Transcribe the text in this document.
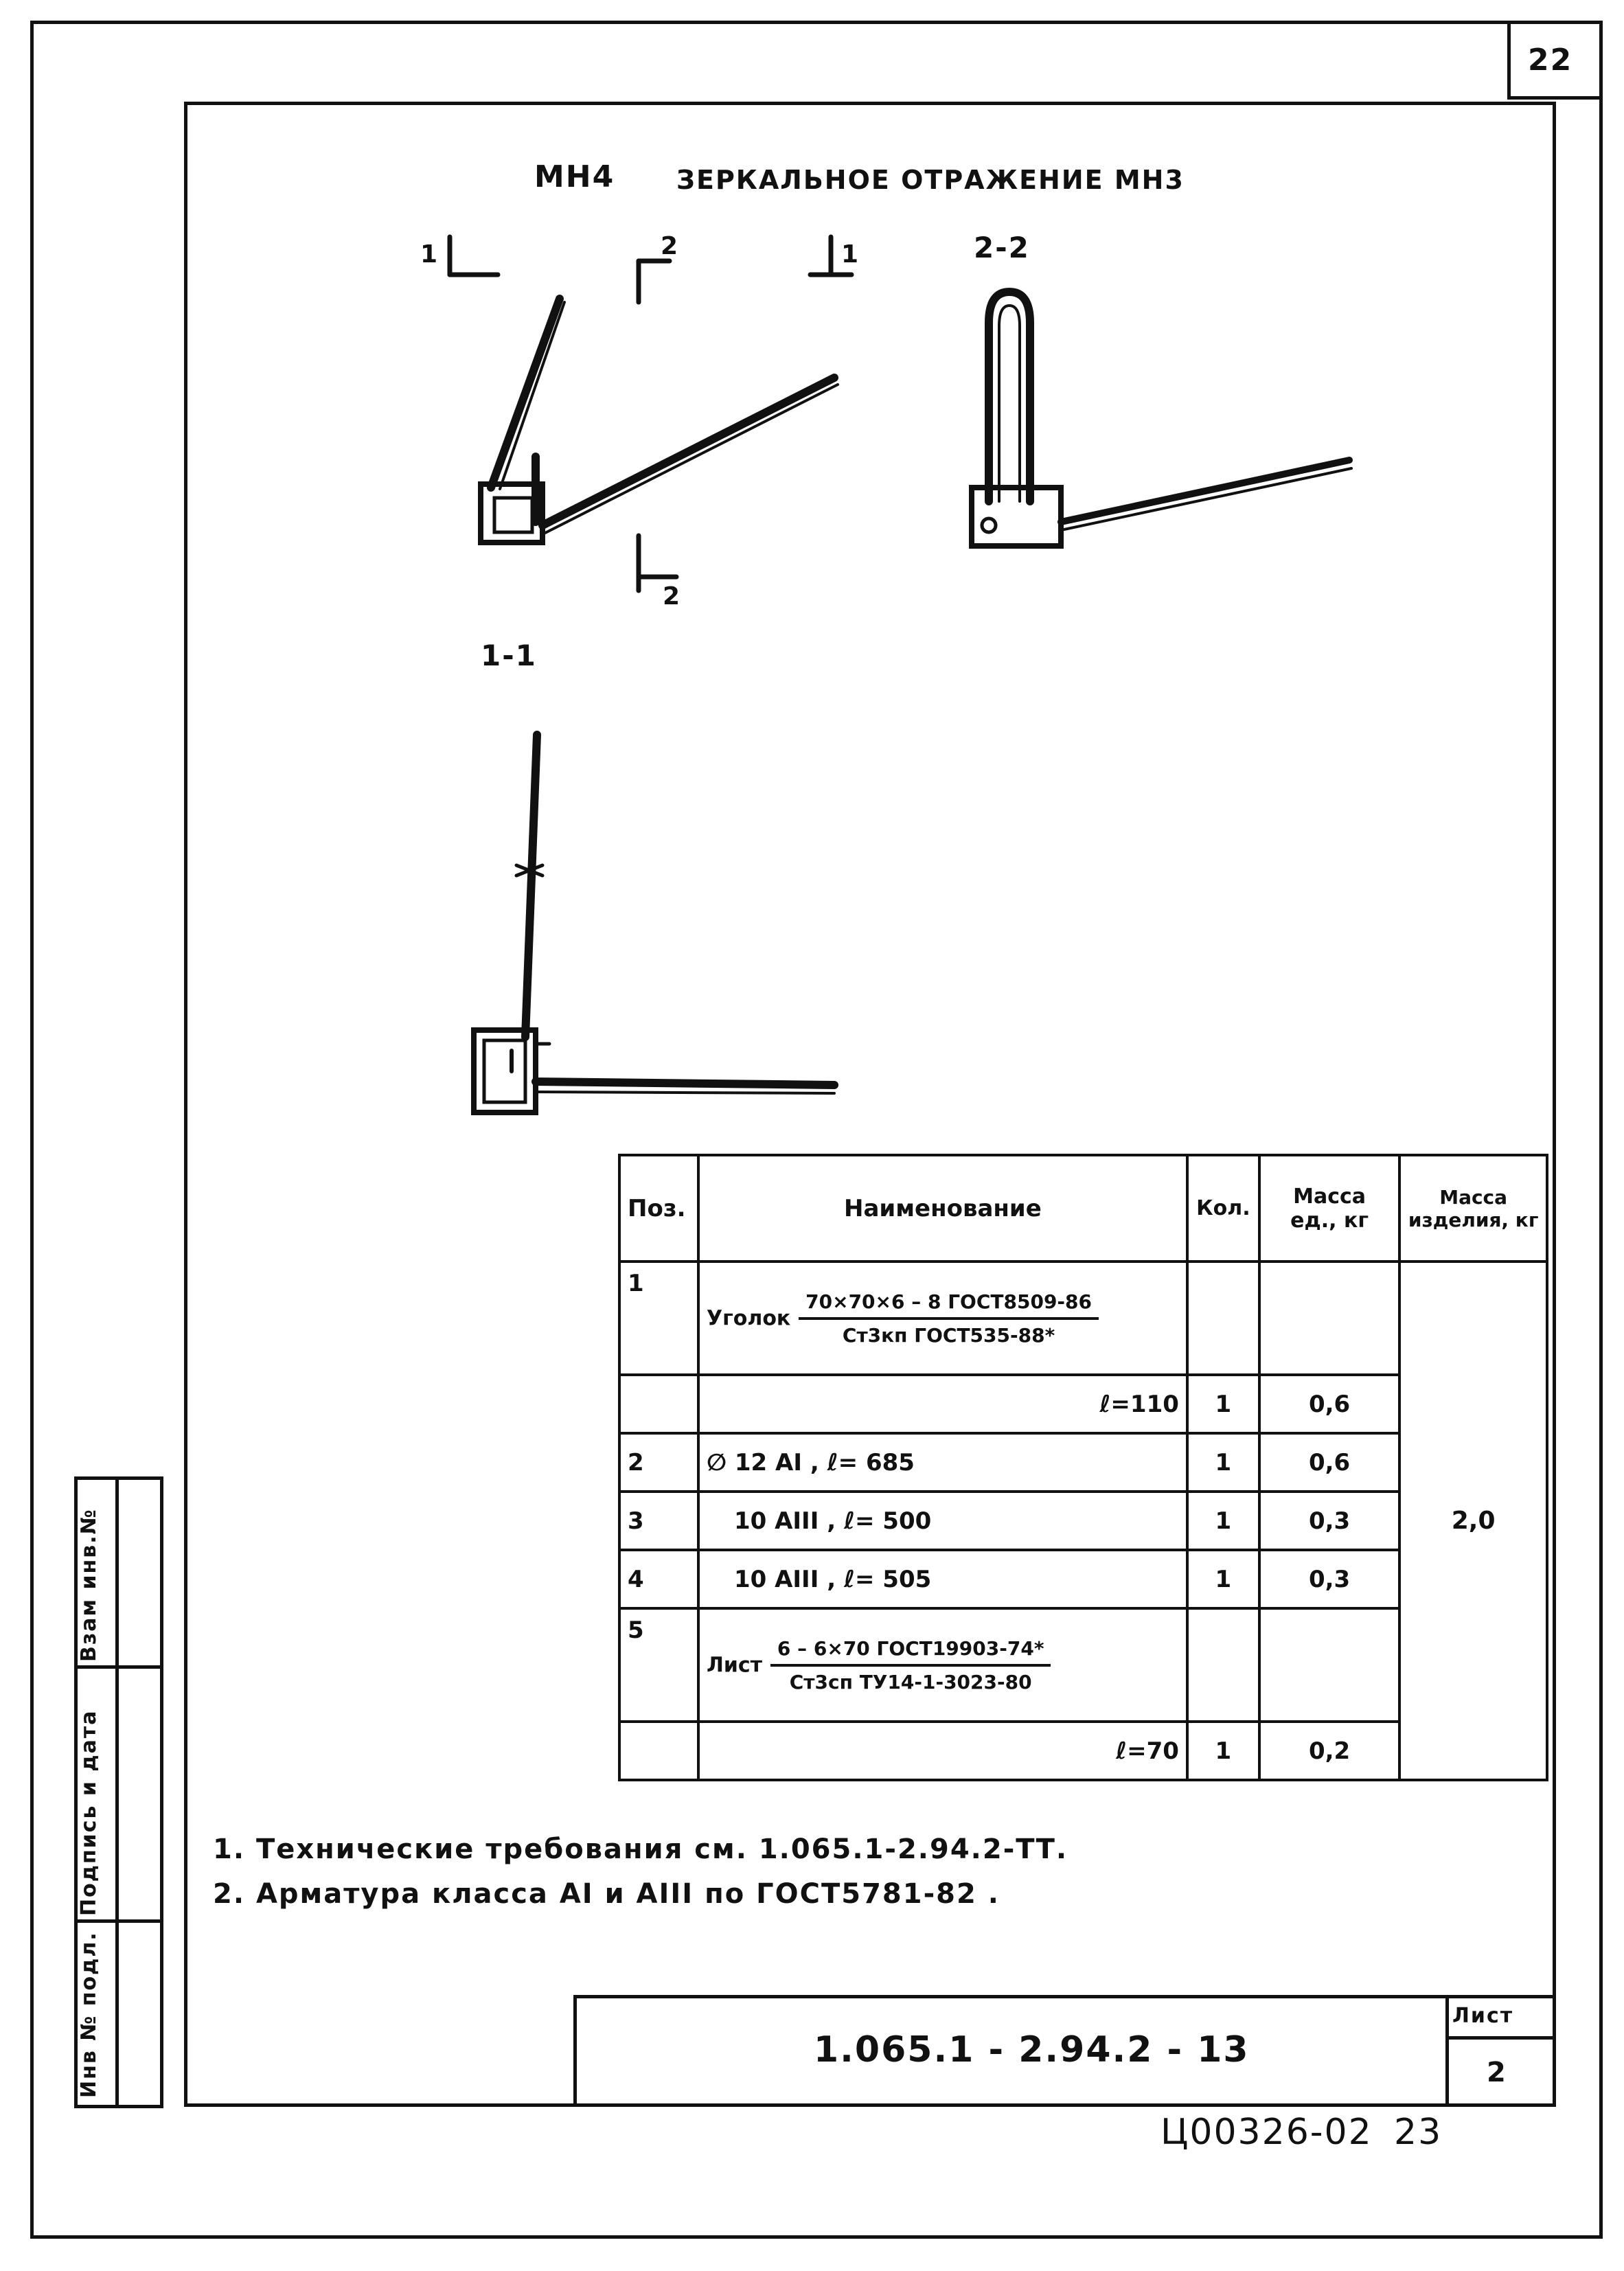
22
МН4 ЗЕРКАЛЬНОЕ ОТРАЖЕНИЕ МН3
1	2	1
2
2-2
1-1
Поз.	Наименование	Кол.	Масса ед., кг	Масса изделия, кг
1	Уголок $\frac{\text{70×70×6 – 8 ГОСТ8509-86}}{\text{Ст3кп ГОСТ535-88*}}$			2,0
	ℓ=110	1	0,6	
2	∅ 12 AI , ℓ= 685	1	0,6	
3	10 AIII , ℓ= 500	1	0,3	
4	10 AIII , ℓ= 505	1	0,3	
5	Лист $\frac{\text{6 – 6×70 ГОСТ19903-74*}}{\text{Ст3сп ТУ14-1-3023-80}}$

	ℓ=70	1	0,2	
1. Технические требования см. 1.065.1-2.94.2-ТТ.
2. Арматура класса АI и АIII по ГОСТ5781-82 .
Взам инв.№
Подпись и дата
Инв № подл.	1.065.1 - 2.94.2 - 13
Лист
2
Ц00326-02 23
